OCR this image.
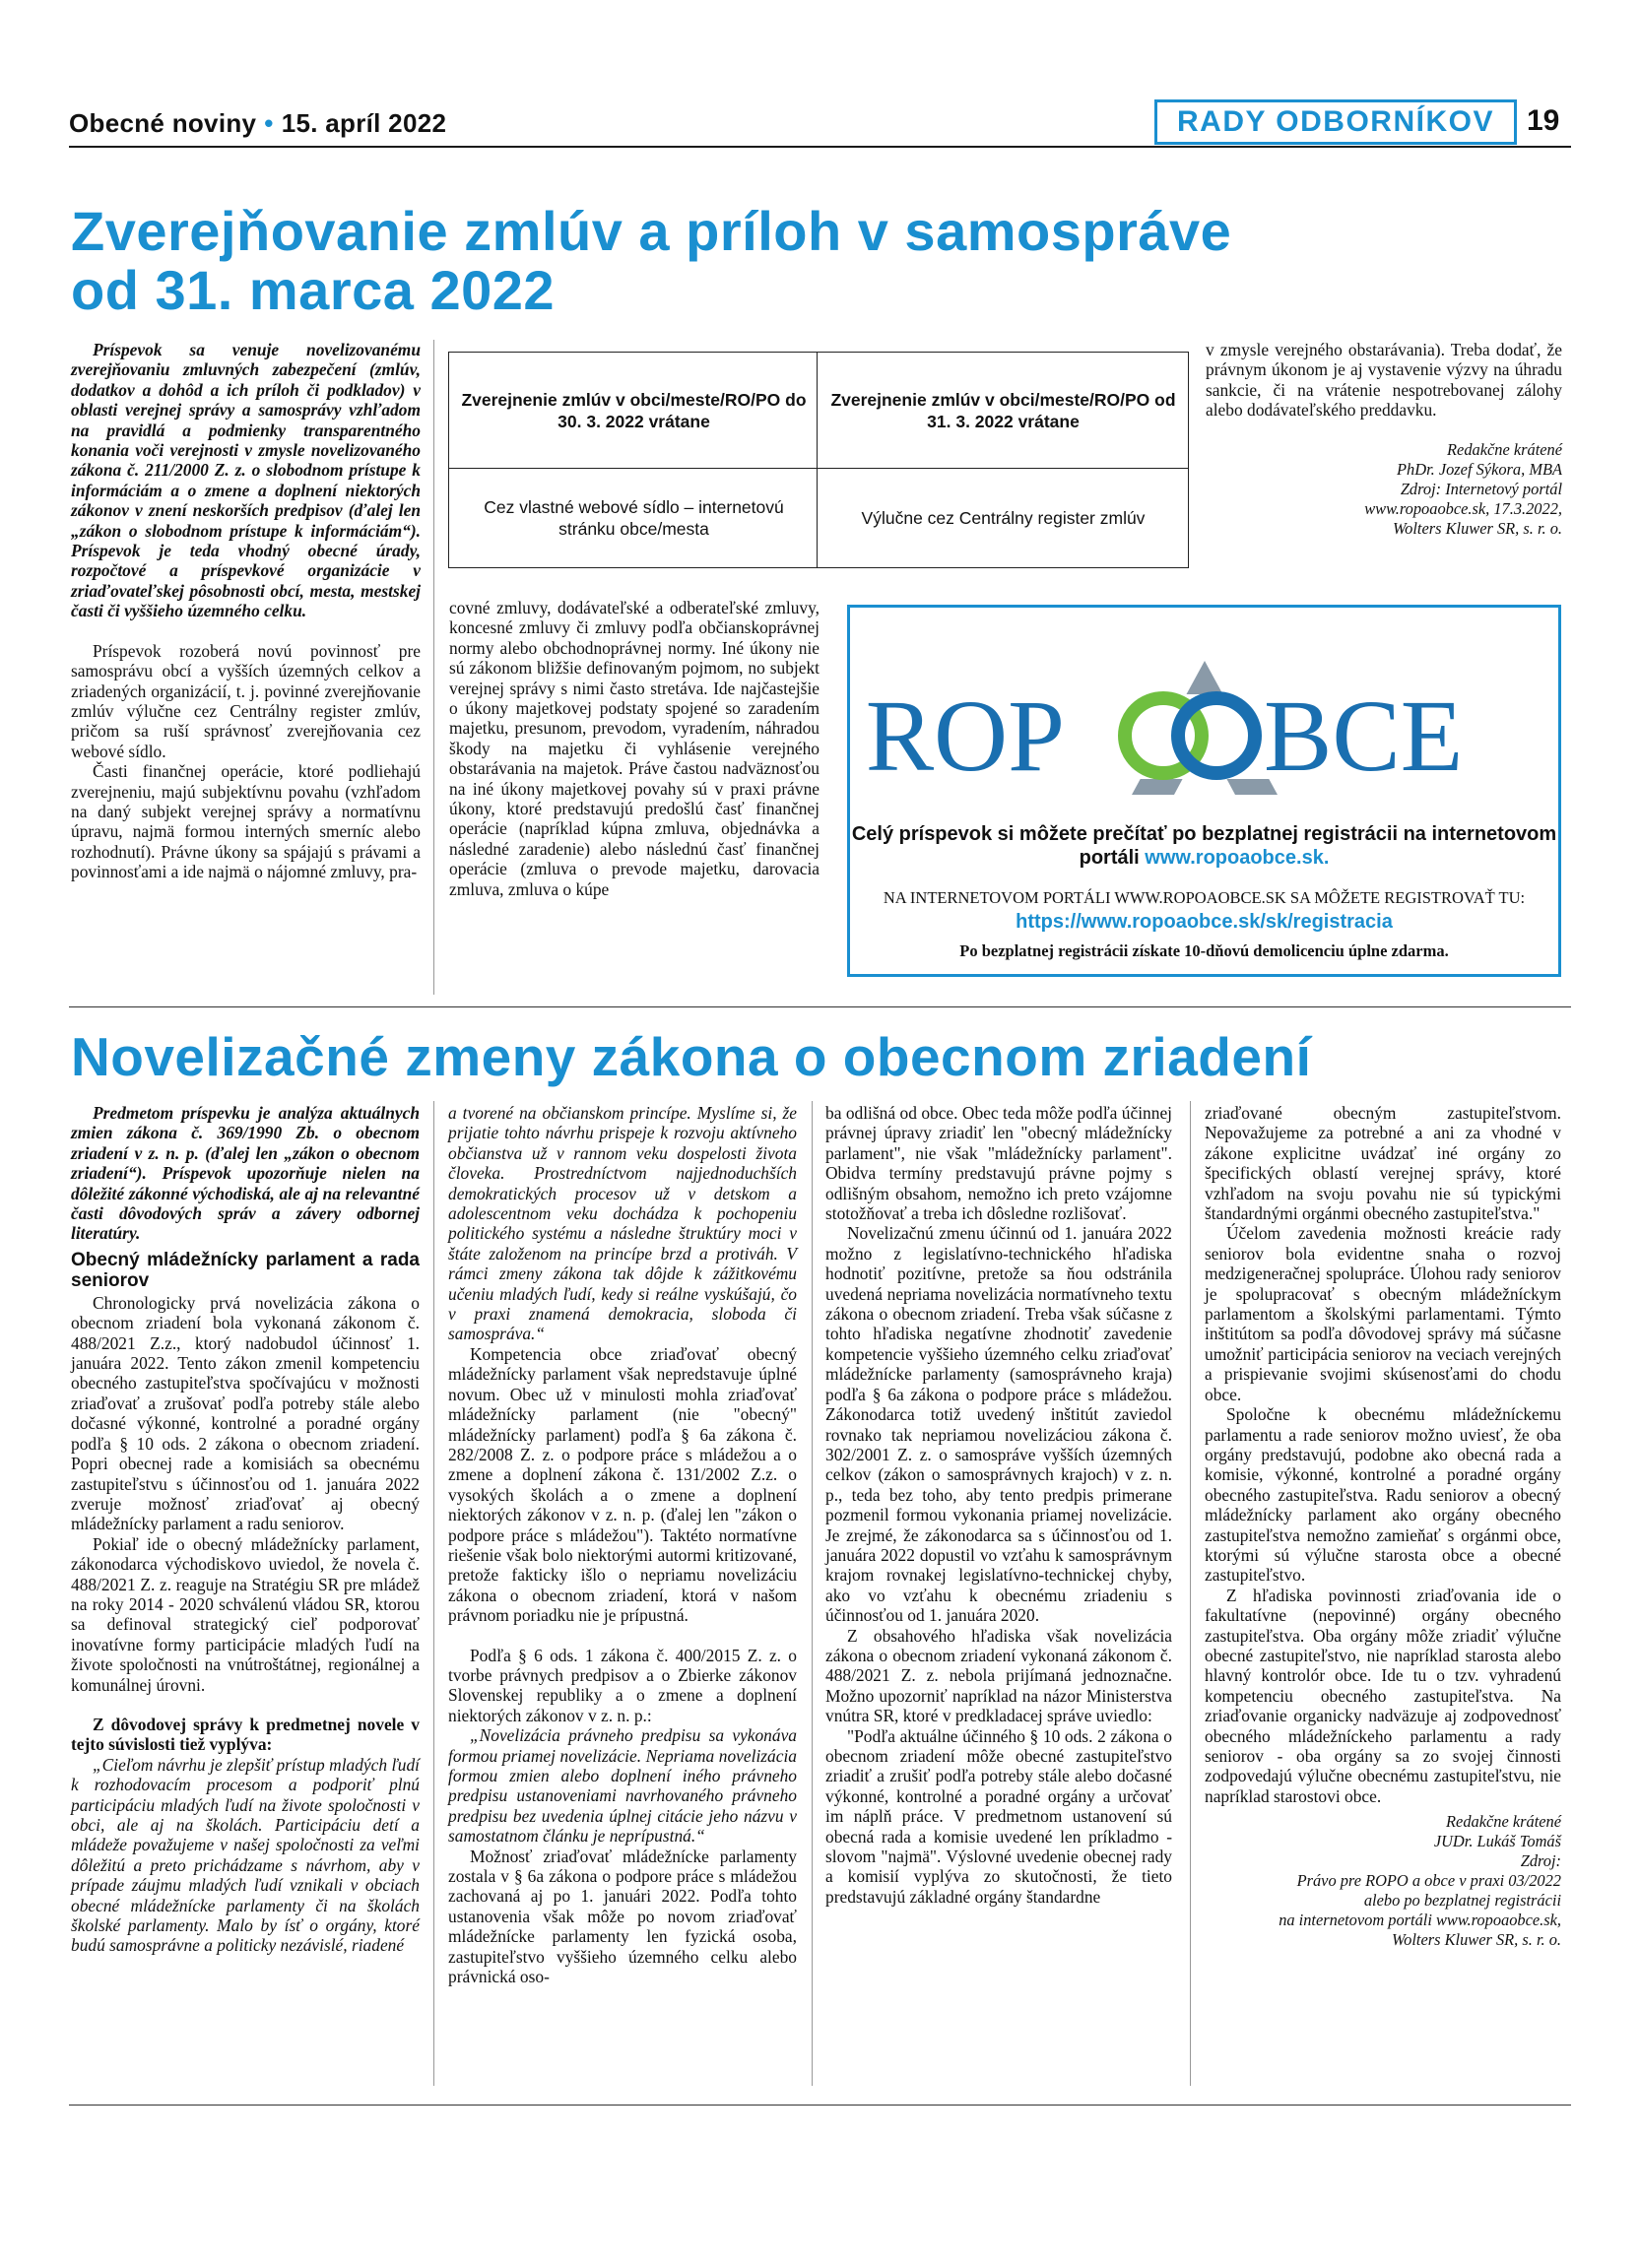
Obecné noviny • 15. apríl 2022	RADY ODBORNÍKOV	19
Zverejňovanie zmlúv a príloh v samospráve
od 31. marca 2022

Príspevok sa venuje novelizovanému zverejňovaniu zmluvných zabezpečení (zmlúv, dodatkov a dohôd a ich príloh či podkladov) v oblasti verejnej správy a samosprávy vzhľadom na pravidlá a podmienky transparentného konania voči verejnosti v zmysle novelizovaného zákona č. 211/2000 Z. z. o slobodnom prístupe k informáciám a o zmene a doplnení niektorých zákonov v znení neskorších predpisov (ďalej len „zákon o slobodnom prístupe k informáciám“). Príspevok je teda vhodný obecné úrady, rozpočtové a príspevkové organizácie v zriaďovateľskej pôsobnosti obcí, mesta, mestskej časti či vyššieho územného celku.

Príspevok rozoberá novú povinnosť pre samosprávu obcí a vyšších územných celkov a zriadených organizácií, t. j. povinné zverejňovanie zmlúv výlučne cez Centrálny register zmlúv, pričom sa ruší správnosť zverejňovania cez webové sídlo.

Časti finančnej operácie, ktoré podliehajú zverejneniu, majú subjektívnu povahu (vzhľadom na daný subjekt verejnej správy a normatívnu úpravu, najmä formou interných smerníc alebo rozhodnutí). Právne úkony sa spájajú s právami a povinnosťami a ide najmä o nájomné zmluvy, pra-

Zverejnenie zmlúv v obci/meste/RO/PO do 30. 3. 2022 vrátane
Zverejnenie zmlúv v obci/meste/RO/PO od 31. 3. 2022 vrátane
Cez vlastné webové sídlo – internetovú stránku obce/mesta
Výlučne cez Centrálny register zmlúv

covné zmluvy, dodávateľské a odberateľské zmluvy, koncesné zmluvy či zmluvy podľa občianskoprávnej normy alebo obchodnoprávnej normy. Iné úkony nie sú zákonom bližšie definovaným pojmom, no subjekt verejnej správy s nimi často stretáva. Ide najčastejšie o úkony majetkovej podstaty spojené so zaradením majetku, presunom, prevodom, vyradením, náhradou škody na majetku či vyhlásenie verejného obstarávania na majetok. Práve častou nadväznosťou na iné úkony majetkovej povahy sú v praxi právne úkony, ktoré predstavujú predošlú časť finančnej operácie (napríklad kúpna zmluva, objednávka a následné zaradenie) alebo následnú časť finančnej operácie (zmluva o prevode majetku, darovacia zmluva, zmluva o kúpe

v zmysle verejného obstarávania). Treba dodať, že právnym úkonom je aj vystavenie výzvy na úhradu sankcie, či na vrátenie nespotrebovanej zálohy alebo dodávateľského preddavku.

Redakčne krátené
PhDr. Jozef Sýkora, MBA
Zdroj: Internetový portál
www.ropoaobce.sk, 17.3.2022,
Wolters Kluwer SR, s. r. o.
ROP BCE
Celý príspevok si môžete prečítať po bezplatnej registrácii na internetovom portáli www.ropoaobce.sk.
NA INTERNETOVOM PORTÁLI WWW.ROPOAOBCE.SK SA MÔŽETE REGISTROVAŤ TU:
https://www.ropoaobce.sk/sk/registracia
Po bezplatnej registrácii získate 10-dňovú demolicenciu úplne zdarma.
Novelizačné zmeny zákona o obecnom zriadení

Predmetom príspevku je analýza aktuálnych zmien zákona č. 369/1990 Zb. o obecnom zriadení v z. n. p. (ďalej len „zákon o obecnom zriadení“). Príspevok upozorňuje nielen na dôležité zákonné východiská, ale aj na relevantné časti dôvodových správ a závery odbornej literatúry.

Obecný mládežnícky parlament a rada seniorov

Chronologicky prvá novelizácia zákona o obecnom zriadení bola vykonaná zákonom č. 488/2021 Z.z., ktorý nadobudol účinnosť 1. januára 2022. Tento zákon zmenil kompetenciu obecného zastupiteľstva spočívajúcu v možnosti zriaďovať a zrušovať podľa potreby stále alebo dočasné výkonné, kontrolné a poradné orgány podľa § 10 ods. 2 zákona o obecnom zriadení. Popri obecnej rade a komisiách sa obecnému zastupiteľstvu s účinnosťou od 1. januára 2022 zveruje možnosť zriaďovať aj obecný mládežnícky parlament a radu seniorov.

Pokiaľ ide o obecný mládežnícky parlament, zákonodarca východiskovo uviedol, že novela č. 488/2021 Z. z. reaguje na Stratégiu SR pre mládež na roky 2014 - 2020 schválenú vládou SR, ktorou sa definoval strategický cieľ podporovať inovatívne formy participácie mladých ľudí na živote spoločnosti na vnútroštátnej, regionálnej a komunálnej úrovni.

Z dôvodovej správy k predmetnej novele v tejto súvislosti tiež vyplýva:

„Cieľom návrhu je zlepšiť prístup mladých ľudí k rozhodovacím procesom a podporiť plnú participáciu mladých ľudí na živote spoločnosti v obci, ale aj na školách. Participáciu detí a mládeže považujeme v našej spoločnosti za veľmi dôležitú a preto prichádzame s návrhom, aby v prípade záujmu mladých ľudí vznikali v obciach obecné mládežnícke parlamenty či na školách školské parlamenty. Malo by ísť o orgány, ktoré budú samosprávne a politicky nezávislé, riadené

a tvorené na občianskom princípe. Myslíme si, že prijatie tohto návrhu prispeje k rozvoju aktívneho občianstva už v rannom veku dospelosti života človeka. Prostredníctvom najjednoduchších demokratických procesov už v detskom a adolescentnom veku dochádza k pochopeniu politického systému a následne štruktúry moci v štáte založenom na princípe brzd a protiváh. V rámci zmeny zákona tak dôjde k zážitkovému učeniu mladých ľudí, kedy si reálne vyskúšajú, čo v praxi znamená demokracia, sloboda či samospráva.“

Kompetencia obce zriaďovať obecný mládežnícky parlament však nepredstavuje úplné novum. Obec už v minulosti mohla zriaďovať mládežnícky parlament (nie "obecný" mládežnícky parlament) podľa § 6a zákona č. 282/2008 Z. z. o podpore práce s mládežou a o zmene a doplnení zákona č. 131/2002 Z.z. o vysokých školách a o zmene a doplnení niektorých zákonov v z. n. p. (ďalej len "zákon o podpore práce s mládežou"). Taktéto normatívne riešenie však bolo niektorými autormi kritizované, pretože fakticky išlo o nepriamu novelizáciu zákona o obecnom zriadení, ktorá v našom právnom poriadku nie je prípustná.

Podľa § 6 ods. 1 zákona č. 400/2015 Z. z. o tvorbe právnych predpisov a o Zbierke zákonov Slovenskej republiky a o zmene a doplnení niektorých zákonov v z. n. p.:

„Novelizácia právneho predpisu sa vykonáva formou priamej novelizácie. Nepriama novelizácia formou zmien alebo doplnení iného právneho predpisu ustanoveniami navrhovaného právneho predpisu bez uvedenia úplnej citácie jeho názvu v samostatnom článku je neprípustná.“

Možnosť zriaďovať mládežnícke parlamenty zostala v § 6a zákona o podpore práce s mládežou zachovaná aj po 1. januári 2022. Podľa tohto ustanovenia však môže po novom zriaďovať mládežnícke parlamenty len fyzická osoba, zastupiteľstvo vyššieho územného celku alebo právnická oso-

ba odlišná od obce. Obec teda môže podľa účinnej právnej úpravy zriadiť len "obecný mládežnícky parlament", nie však "mládežnícky parlament". Obidva termíny predstavujú právne pojmy s odlišným obsahom, nemožno ich preto vzájomne stotožňovať a treba ich dôsledne rozlišovať.

Novelizačnú zmenu účinnú od 1. januára 2022 možno z legislatívno-technického hľadiska hodnotiť pozitívne, pretože sa ňou odstránila uvedená nepriama novelizácia normatívneho textu zákona o obecnom zriadení. Treba však súčasne z tohto hľadiska negatívne zhodnotiť zavedenie kompetencie vyššieho územného celku zriaďovať mládežnícke parlamenty (samosprávneho kraja) podľa § 6a zákona o podpore práce s mládežou. Zákonodarca totiž uvedený inštitút zaviedol rovnako tak nepriamou novelizáciou zákona č. 302/2001 Z. z. o samospráve vyšších územných celkov (zákon o samosprávnych krajoch) v z. n. p., teda bez toho, aby tento predpis primerane pozmenil formou vykonania priamej novelizácie. Je zrejmé, že zákonodarca sa s účinnosťou od 1. januára 2022 dopustil vo vzťahu k samosprávnym krajom rovnakej legislatívno-technickej chyby, ako vo vzťahu k obecnému zriadeniu s účinnosťou od 1. januára 2020.

Z obsahového hľadiska však novelizácia zákona o obecnom zriadení vykonaná zákonom č. 488/2021 Z. z. nebola prijímaná jednoznačne. Možno upozorniť napríklad na názor Ministerstva vnútra SR, ktoré v predkladacej správe uviedlo:

"Podľa aktuálne účinného § 10 ods. 2 zákona o obecnom zriadení môže obecné zastupiteľstvo zriadiť a zrušiť podľa potreby stále alebo dočasné výkonné, kontrolné a poradné orgány a určovať im náplň práce. V predmetnom ustanovení sú obecná rada a komisie uvedené len príkladmo - slovom "najmä". Výslovné uvedenie obecnej rady a komisií vyplýva zo skutočnosti, že tieto predstavujú základné orgány štandardne

zriaďované obecným zastupiteľstvom. Nepovažujeme za potrebné a ani za vhodné v zákone explicitne uvádzať iné orgány zo špecifických oblastí verejnej správy, ktoré vzhľadom na svoju povahu nie sú typickými štandardnými orgánmi obecného zastupiteľstva."

Účelom zavedenia možnosti kreácie rady seniorov bola evidentne snaha o rozvoj medzigeneračnej spolupráce. Úlohou rady seniorov je spolupracovať s obecným mládežníckym parlamentom a školskými parlamentami. Týmto inštitútom sa podľa dôvodovej správy má súčasne umožniť participácia seniorov na veciach verejných a prispievanie svojimi skúsenosťami do chodu obce.

Spoločne k obecnému mládežníckemu parlamentu a rade seniorov možno uviesť, že oba orgány predstavujú, podobne ako obecná rada a komisie, výkonné, kontrolné a poradné orgány obecného zastupiteľstva. Radu seniorov a obecný mládežnícky parlament ako orgány obecného zastupiteľstva nemožno zamieňať s orgánmi obce, ktorými sú výlučne starosta obce a obecné zastupiteľstvo.

Z hľadiska povinnosti zriaďovania ide o fakultatívne (nepovinné) orgány obecného zastupiteľstva. Oba orgány môže zriadiť výlučne obecné zastupiteľstvo, nie napríklad starosta alebo hlavný kontrolór obce. Ide tu o tzv. vyhradenú kompetenciu obecného zastupiteľstva. Na zriaďovanie organicky nadväzuje aj zodpovednosť obecného mládežníckeho parlamentu a rady seniorov - oba orgány sa zo svojej činnosti zodpovedajú výlučne obecnému zastupiteľstvu, nie napríklad starostovi obce.

Redakčne krátené
JUDr. Lukáš Tomáš
Zdroj:
Právo pre ROPO a obce v praxi 03/2022
alebo po bezplatnej registrácii
na internetovom portáli www.ropoaobce.sk,
Wolters Kluwer SR, s. r. o.
